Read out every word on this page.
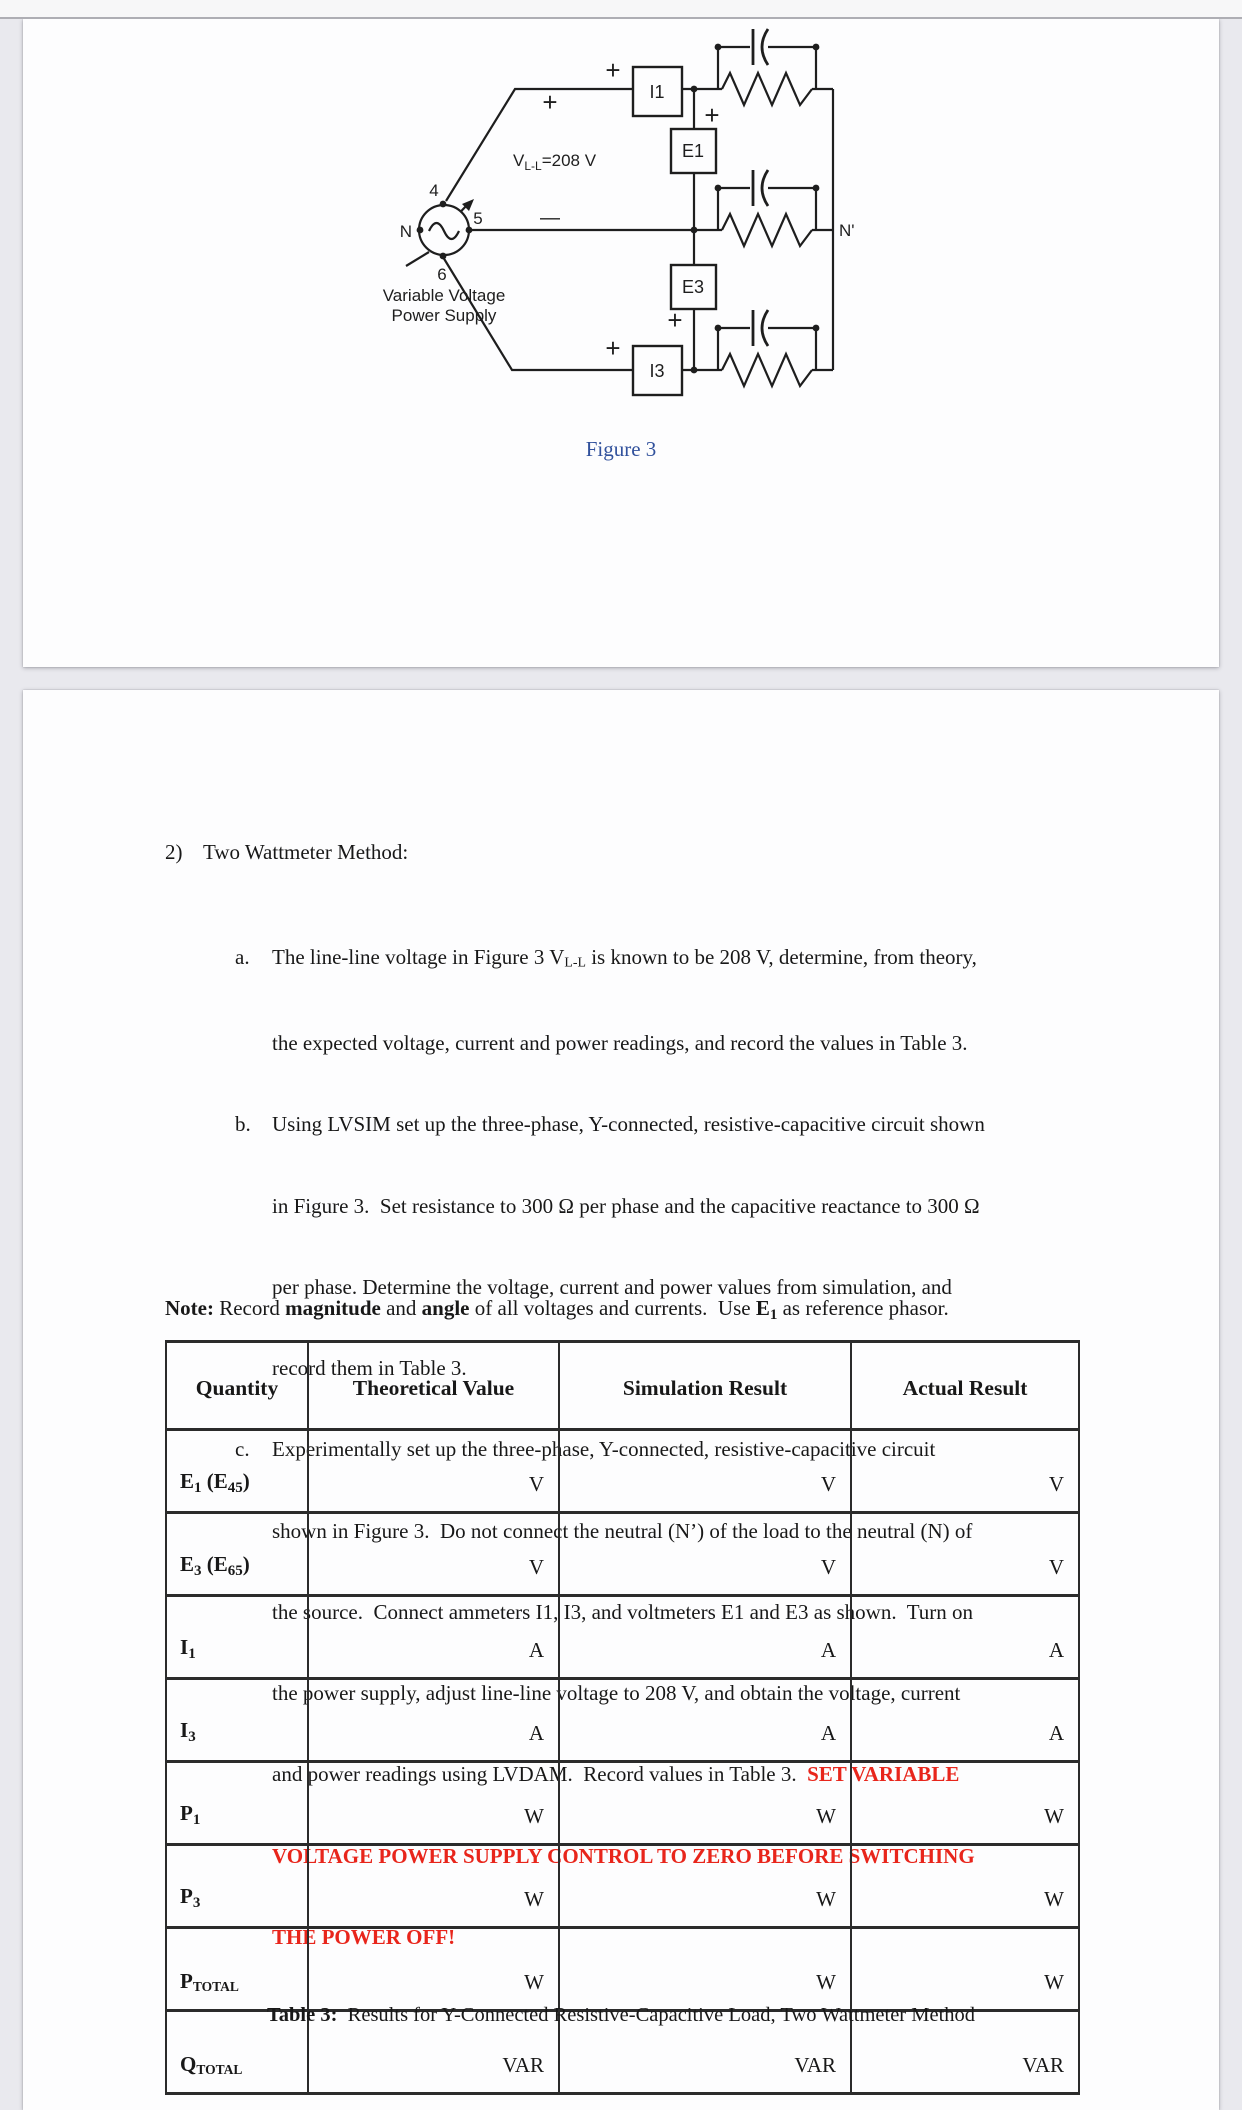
I1
E1
E3
I3
4
5
6
N	N'
+
+
+
+
+
—
$V_{L-L}=208$ V
Variable Voltage
Power Supply
Figure 3
2) Two Wattmeter Method:

a. The line-line voltage in Figure 3 VL-L is known to be 208 V, determine, from theory,

the expected voltage, current and power readings, and record the values in Table 3.

b. Using LVSIM set up the three-phase, Y-connected, resistive-capacitive circuit shown

in Figure 3.  Set resistance to 300 Ω per phase and the capacitive reactance to 300 Ω

per phase. Determine the voltage, current and power values from simulation, and

record them in Table 3.

c. Experimentally set up the three-phase, Y-connected, resistive-capacitive circuit

shown in Figure 3.  Do not connect the neutral (N’) of the load to the neutral (N) of

the source.  Connect ammeters I1, I3, and voltmeters E1 and E3 as shown.  Turn on

the power supply, adjust line-line voltage to 208 V, and obtain the voltage, current

and power readings using LVDAM.  Record values in Table 3.  SET VARIABLE

VOLTAGE POWER SUPPLY CONTROL TO ZERO BEFORE SWITCHING

THE POWER OFF!

Note: Record magnitude and angle of all voltages and currents.  Use E1 as reference phasor.
Quantity	Theoretical Value	Simulation Result	Actual Result
E1 (E45)	V	V	V
E3 (E65)	V	V	V
I1	A	A	A
I3	A	A	A
P1	W	W	W
P3	W	W	W
PTOTAL	W	W	W
QTOTAL	VAR	VAR	VAR
Table 3:  Results for Y-Connected Resistive-Capacitive Load, Two Wattmeter Method
